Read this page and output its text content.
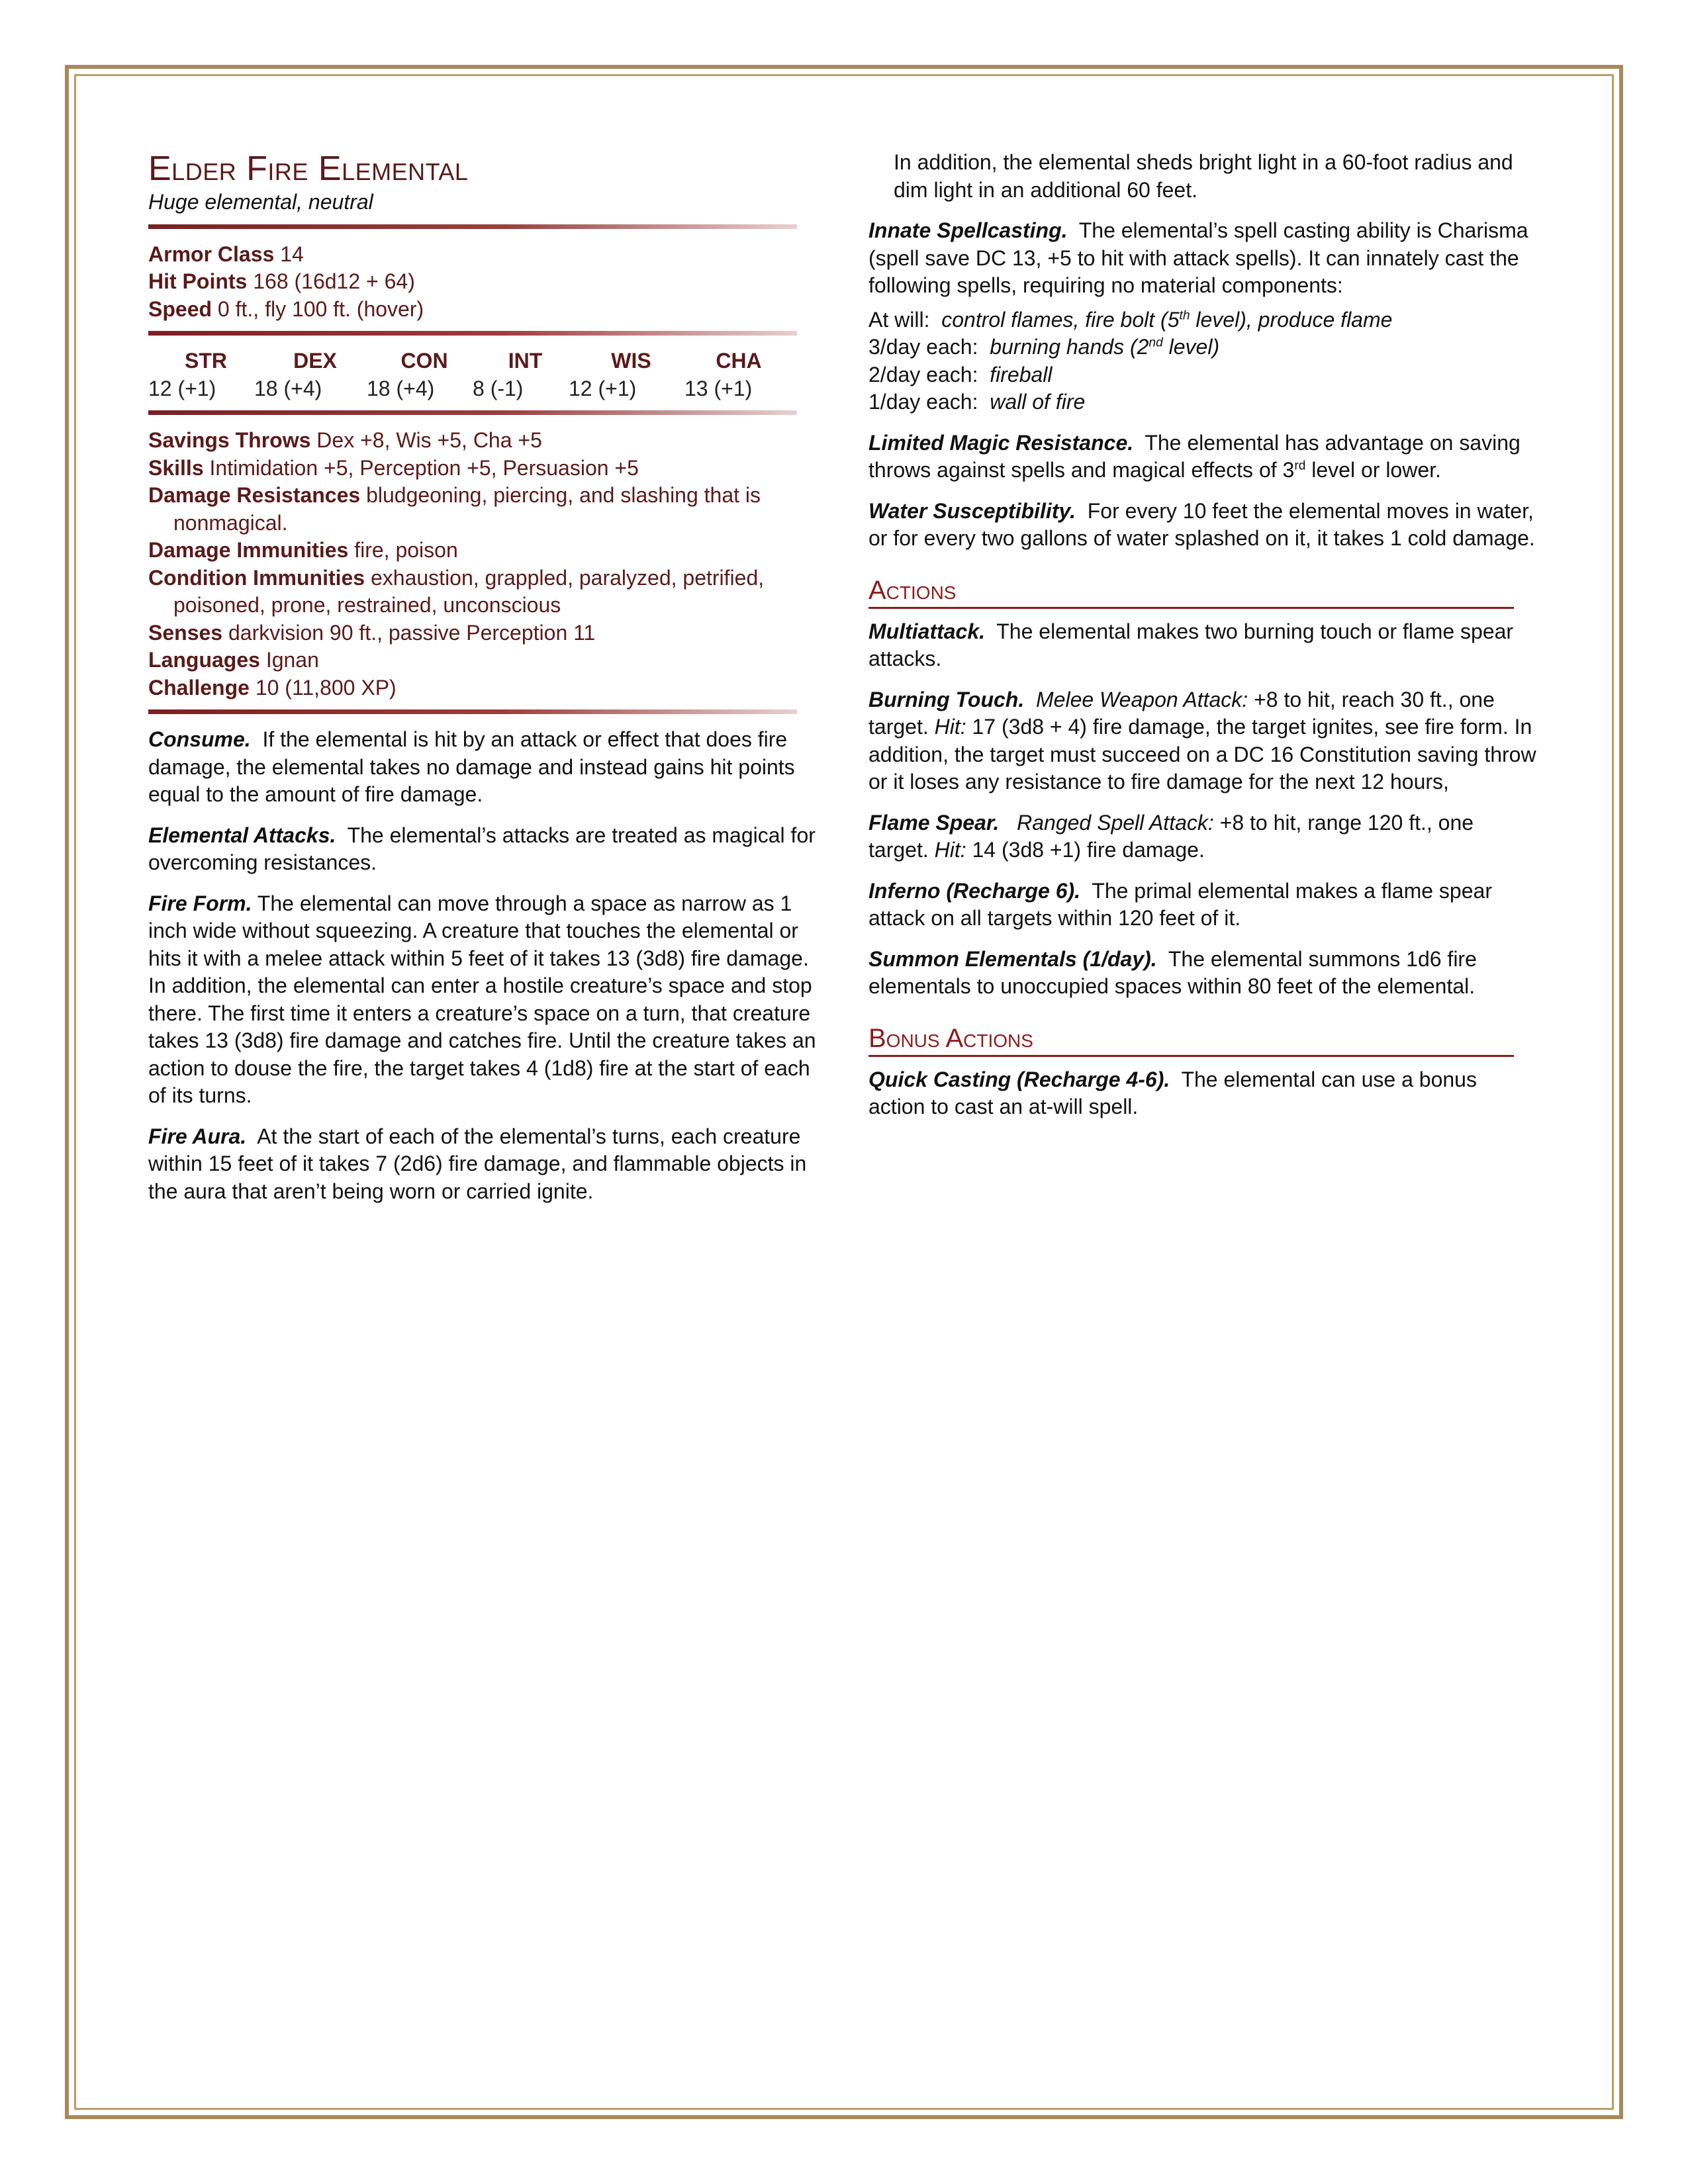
Elder Fire Elemental

Huge elemental, neutral

Armor Class 14

Hit Points 168 (16d12 + 64)

Speed 0 ft., fly 100 ft. (hover)

STR	DEX	CON	INT	WIS	CHA
12 (+1)	18 (+4)	18 (+4)	8 (-1)	12 (+1)	13 (+1)

Savings Throws Dex +8, Wis +5, Cha +5

Skills Intimidation +5, Perception +5, Persuasion +5

Damage Resistances bludgeoning, piercing, and slashing that is nonmagical.

Damage Immunities fire, poison

Condition Immunities exhaustion, grappled, paralyzed, petrified, poisoned, prone, restrained, unconscious

Senses darkvision 90 ft., passive Perception 11

Languages Ignan

Challenge 10 (11,800 XP)

Consume. If the elemental is hit by an attack or effect that does fire damage, the elemental takes no damage and instead gains hit points equal to the amount of fire damage.

Elemental Attacks. The elemental’s attacks are treated as magical for overcoming resistances.

Fire Form. The elemental can move through a space as narrow as 1 inch wide without squeezing. A creature that touches the elemental or hits it with a melee attack within 5 feet of it takes 13 (3d8) fire damage. In addition, the elemental can enter a hostile creature’s space and stop there. The first time it enters a creature’s space on a turn, that creature takes 13 (3d8) fire damage and catches fire. Until the creature takes an action to douse the fire, the target takes 4 (1d8) fire at the start of each of its turns.

Fire Aura. At the start of each of the elemental’s turns, each creature within 15 feet of it takes 7 (2d6) fire damage, and flammable objects in the aura that aren’t being worn or carried ignite.

In addition, the elemental sheds bright light in a 60-foot radius and dim light in an additional 60 feet.

Innate Spellcasting. The elemental’s spell casting ability is Charisma (spell save DC 13, +5 to hit with attack spells). It can innately cast the following spells, requiring no material components:

At will: control flames, fire bolt (5th level), produce flame

3/day each: burning hands (2nd level)

2/day each: fireball

1/day each: wall of fire

Limited Magic Resistance. The elemental has advantage on saving throws against spells and magical effects of 3rd level or lower.

Water Susceptibility. For every 10 feet the elemental moves in water, or for every two gallons of water splashed on it, it takes 1 cold damage.

Actions

Multiattack. The elemental makes two burning touch or flame spear attacks.

Burning Touch. Melee Weapon Attack: +8 to hit, reach 30 ft., one target. Hit: 17 (3d8 + 4) fire damage, the target ignites, see fire form. In addition, the target must succeed on a DC 16 Constitution saving throw or it loses any resistance to fire damage for the next 12 hours,

Flame Spear. Ranged Spell Attack: +8 to hit, range 120 ft., one target. Hit: 14 (3d8 +1) fire damage.

Inferno (Recharge 6). The primal elemental makes a flame spear attack on all targets within 120 feet of it.

Summon Elementals (1/day). The elemental summons 1d6 fire elementals to unoccupied spaces within 80 feet of the elemental.

Bonus Actions

Quick Casting (Recharge 4-6). The elemental can use a bonus action to cast an at-will spell.
